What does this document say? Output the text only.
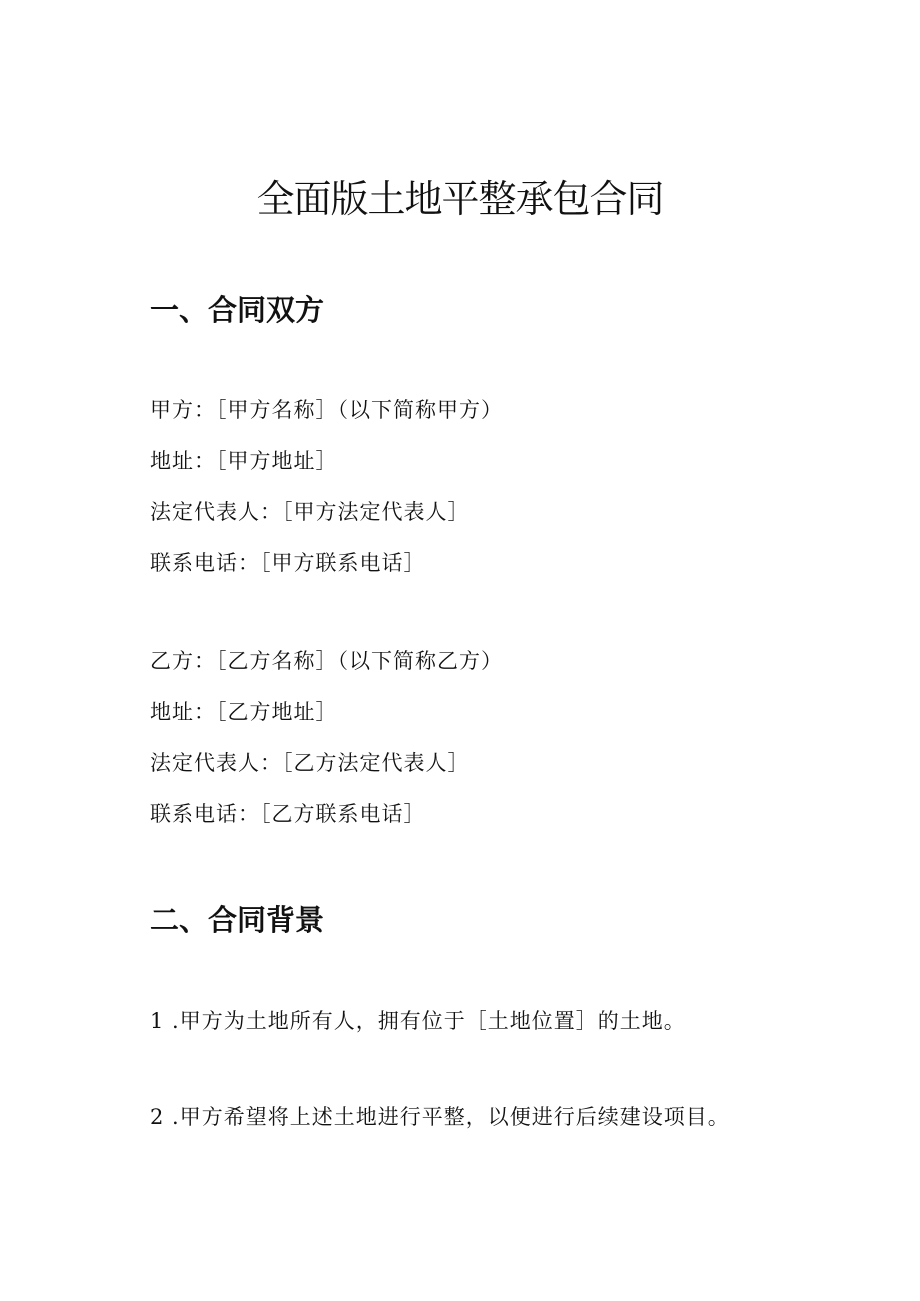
全面版土地平整承包合同
一、合同双方
甲方：［甲方名称］（以下简称甲方）
地址：［甲方地址］
法定代表人：［甲方法定代表人］
联系电话：［甲方联系电话］
乙方：［乙方名称］（以下简称乙方）
地址：［乙方地址］
法定代表人：［乙方法定代表人］
联系电话：［乙方联系电话］
二、合同背景
1 .甲方为土地所有人，拥有位于［土地位置］的土地。
2 .甲方希望将上述土地进行平整，以便进行后续建设项目。
